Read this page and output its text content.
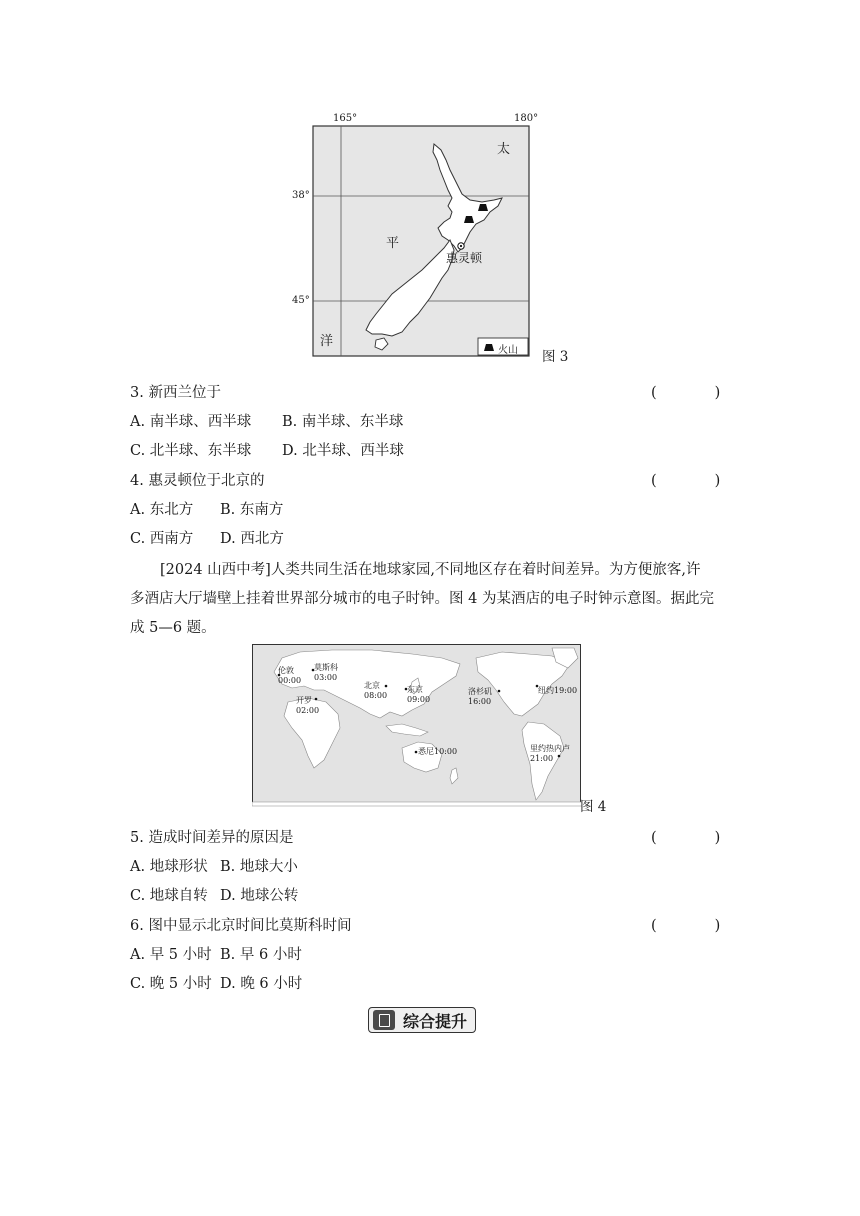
165°	180°
38°
45°
太
平
洋
惠灵顿
火山 图 3
3. 新西兰位于	(　　　　)
A. 南半球、西半球 B. 南半球、东半球
C. 北半球、东半球 D. 北半球、西半球
4. 惠灵顿位于北京的	(　　　　)
A. 东北方 B. 东南方
C. 西南方 D. 西北方
[2024 山西中考]人类共同生活在地球家园,不同地区存在着时间差异。为方便旅客,许多酒店大厅墙壁上挂着世界部分城市的电子时钟。图 4 为某酒店的电子时钟示意图。据此完成 5—6 题。
伦敦
00:00
莫斯科
03:00
开罗
02:00
北京
08:00
东京
09:00
洛杉矶
16:00
纽约19:00
悉尼10:00	里约热内卢
21:00
图 4
5. 造成时间差异的原因是	(　　　　)
A. 地球形状 B. 地球大小
C. 地球自转 D. 地球公转
6. 图中显示北京时间比莫斯科时间	(　　　　)
A. 早 5 小时 B. 早 6 小时
C. 晚 5 小时 D. 晚 6 小时
综合提升
